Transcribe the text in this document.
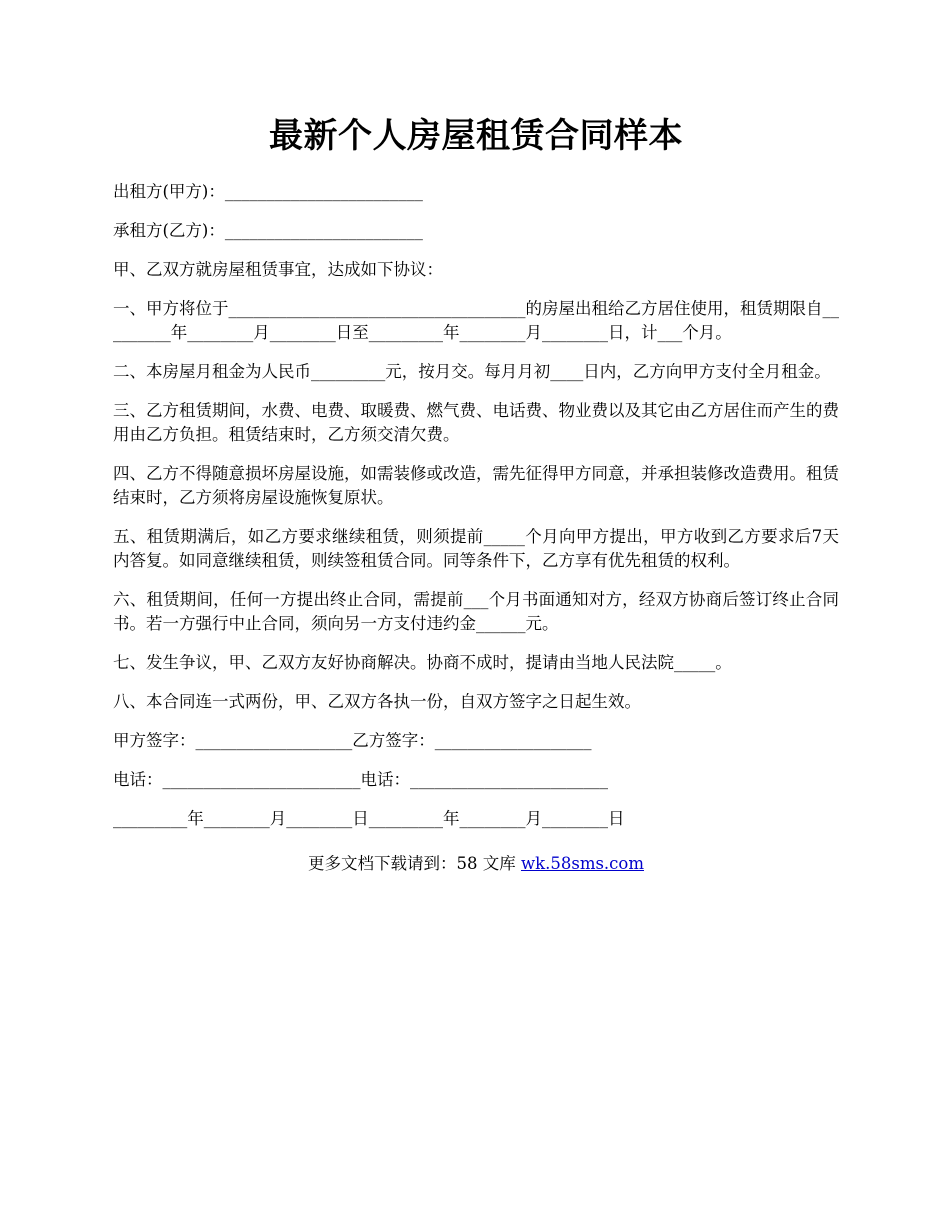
最新个人房屋租赁合同样本

出租方(甲方)：________________________

承租方(乙方)：________________________

甲、乙双方就房屋租赁事宜，达成如下协议：

一、甲方将位于____________________________________的房屋出租给乙方居住使用，租赁期限自_________年________月________日至_________年________月________日，计___个月。

二、本房屋月租金为人民币_________元，按月交。每月月初____日内，乙方向甲方支付全月租金。

三、乙方租赁期间，水费、电费、取暖费、燃气费、电话费、物业费以及其它由乙方居住而产生的费用由乙方负担。租赁结束时，乙方须交清欠费。

四、乙方不得随意损坏房屋设施，如需装修或改造，需先征得甲方同意，并承担装修改造费用。租赁结束时，乙方须将房屋设施恢复原状。

五、租赁期满后，如乙方要求继续租赁，则须提前_____个月向甲方提出，甲方收到乙方要求后7天内答复。如同意继续租赁，则续签租赁合同。同等条件下，乙方享有优先租赁的权利。

六、租赁期间，任何一方提出终止合同，需提前___个月书面通知对方，经双方协商后签订终止合同书。若一方强行中止合同，须向另一方支付违约金______元。

七、发生争议，甲、乙双方友好协商解决。协商不成时，提请由当地人民法院_____。

八、本合同连一式两份，甲、乙双方各执一份，自双方签字之日起生效。

甲方签字：___________________乙方签字：___________________

电话：________________________电话：________________________

_________年________月________日_________年________月________日

更多文档下载请到：58 文库 wk.58sms.com
